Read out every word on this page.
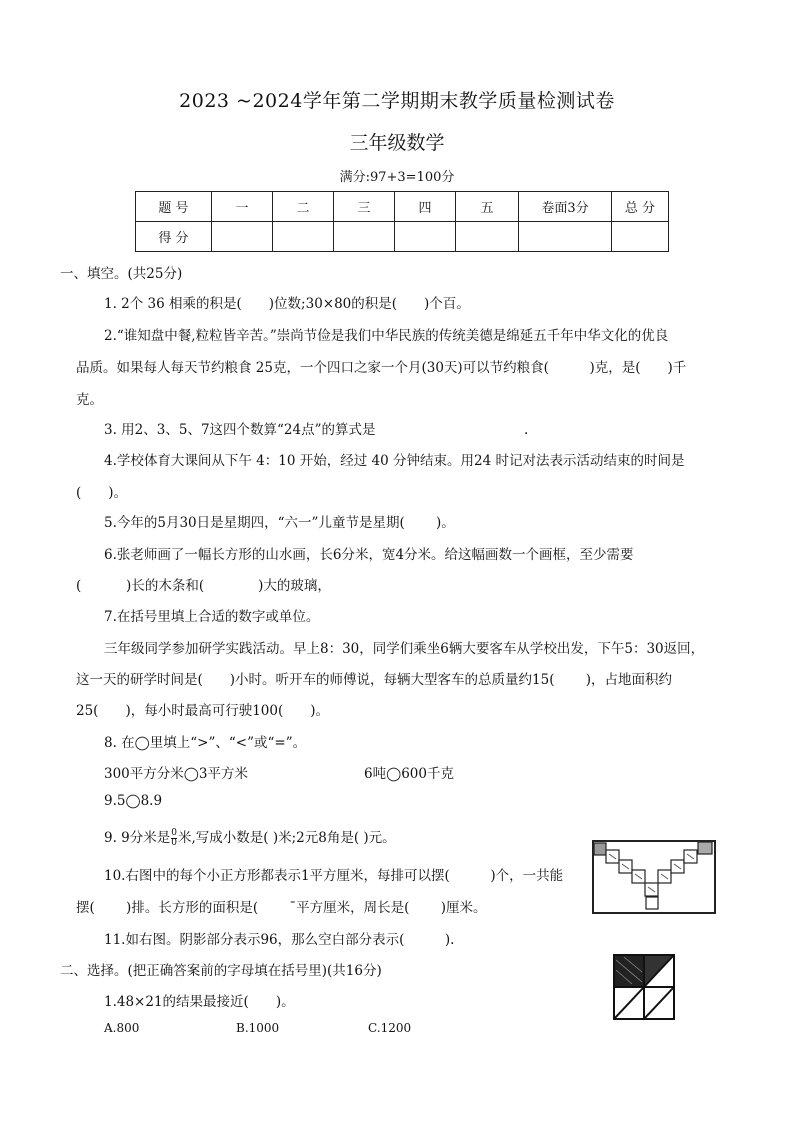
2023 ~2024学年第二学期期末教学质量检测试卷
三年级数学
满分:97+3=100分
题 号	一	二	三	四	五	卷面3分	总 分
得 分							
一、填空。(共25分)
1. 2个 36 相乘的积是(　　)位数;30×80的积是(　　)个百。
2.“谁知盘中餐,粒粒皆辛苦。”崇尚节俭是我们中华民族的传统美德是绵延五千年中华文化的优良
品质。如果每人每天节约粮食 25克，一个四口之家一个月(30天)可以节约粮食(　　　)克，是(　　)千
克。
3. 用2、3、5、7这四个数算“24点”的算式是　　　　　　　　　　　.
4.学校体育大课间从下午 4：10 开始，经过 40 分钟结束。用24 时记对法表示活动结束的时间是
(　　)。
5.今年的5月30日是星期四，“六一”儿童节是星期(　　 )。
6.张老师画了一幅长方形的山水画，长6分米，宽4分米。给这幅画数一个画框，至少需要
(　　　 )长的木条和(　　　　)大的玻璃，
7.在括号里填上合适的数字或单位。
三年级同学参加研学实践活动。早上8：30，同学们乘坐6辆大要客车从学校出发，下午5：30返回，
这一天的研学时间是(　　)小时。听开车的师傅说，每辆大型客车的总质量约15(　　 )，占地面积约
25(　　)，每小时最高可行驶100(　　)。
8. 在◯里填上“>”、“<”或“=”。
300平方分米◯3平方米	6吨◯600千克
9.5◯8.9
9. 9分米是 $\frac{0}{0}$ 米,写成小数是( )米;2元8角是( )元。
10.右图中的每个小正方形都表示1平方厘米，每排可以摆(　　　)个，一共能
摆(　　 )排。长方形的面积是(　　 ˉ平方厘米，周长是(　　 )厘米。
11.如右图。阴影部分表示96，那么空白部分表示(　　　).
二、选择。(把正确答案前的字母填在括号里)(共16分)
1.48×21的结果最接近(　　)。
A.800	B.1000	C.1200
